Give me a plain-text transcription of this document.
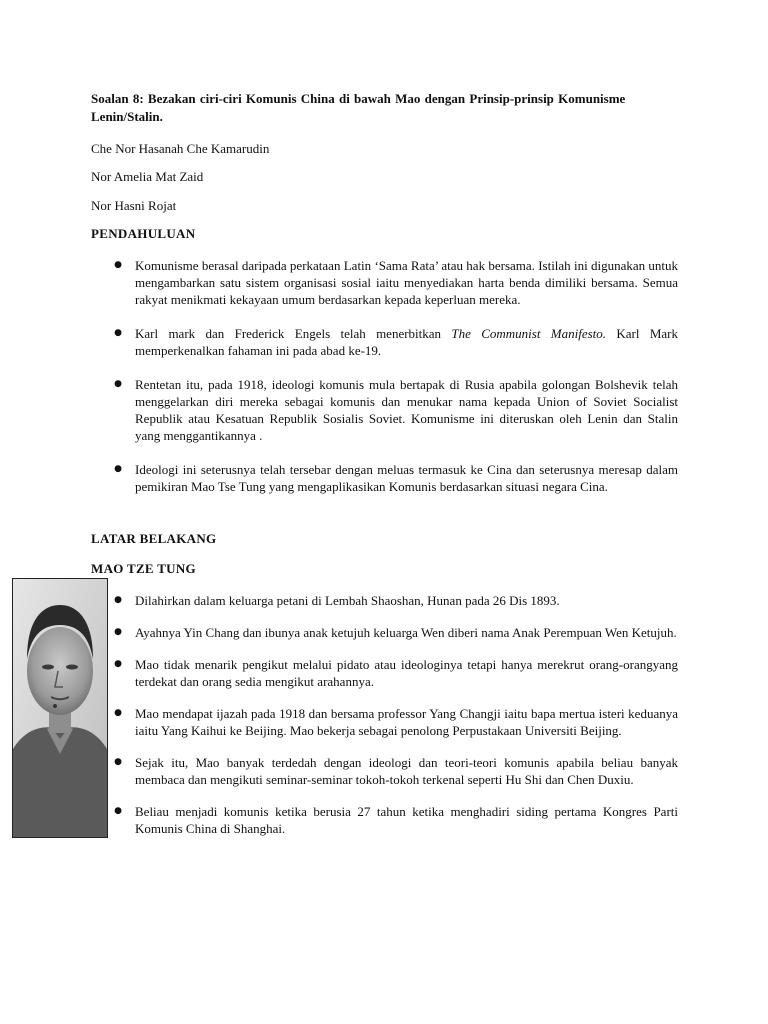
Soalan 8: Bezakan ciri-ciri Komunis China di bawah Mao dengan Prinsip-prinsip Komunisme Lenin/Stalin.
Che Nor Hasanah Che Kamarudin
Nor Amelia Mat Zaid
Nor Hasni Rojat
PENDAHULUAN
● Komunisme berasal daripada perkataan Latin ‘Sama Rata’ atau hak bersama. Istilah ini digunakan untuk mengambarkan satu sistem organisasi sosial iaitu menyediakan harta benda dimiliki bersama. Semua rakyat menikmati kekayaan umum berdasarkan kepada keperluan mereka.
● Karl mark dan Frederick Engels telah menerbitkan The Communist Manifesto. Karl Mark memperkenalkan fahaman ini pada abad ke-19.
● Rentetan itu, pada 1918, ideologi komunis mula bertapak di Rusia apabila golongan Bolshevik telah menggelarkan diri mereka sebagai komunis dan menukar nama kepada Union of Soviet Socialist Republik atau Kesatuan Republik Sosialis Soviet. Komunisme ini diteruskan oleh Lenin dan Stalin yang menggantikannya .
● Ideologi ini seterusnya telah tersebar dengan meluas termasuk ke Cina dan seterusnya meresap dalam pemikiran Mao Tse Tung yang mengaplikasikan Komunis berdasarkan situasi negara Cina.
LATAR BELAKANG
MAO TZE TUNG
● Dilahirkan dalam keluarga petani di Lembah Shaoshan, Hunan pada 26 Dis 1893.
● Ayahnya Yin Chang dan ibunya anak ketujuh keluarga Wen diberi nama Anak Perempuan Wen Ketujuh.
● Mao tidak menarik pengikut melalui pidato atau ideologinya tetapi hanya merekrut orang-orangyang terdekat dan orang sedia mengikut arahannya.
● Mao mendapat ijazah pada 1918 dan bersama professor Yang Changji iaitu bapa mertua isteri keduanya iaitu Yang Kaihui ke Beijing. Mao bekerja sebagai penolong Perpustakaan Universiti Beijing.
● Sejak itu, Mao banyak terdedah dengan ideologi dan teori-teori komunis apabila beliau banyak membaca dan mengikuti seminar-seminar tokoh-tokoh terkenal seperti Hu Shi dan Chen Duxiu.
● Beliau menjadi komunis ketika berusia 27 tahun ketika menghadiri siding pertama Kongres Parti Komunis China di Shanghai.
